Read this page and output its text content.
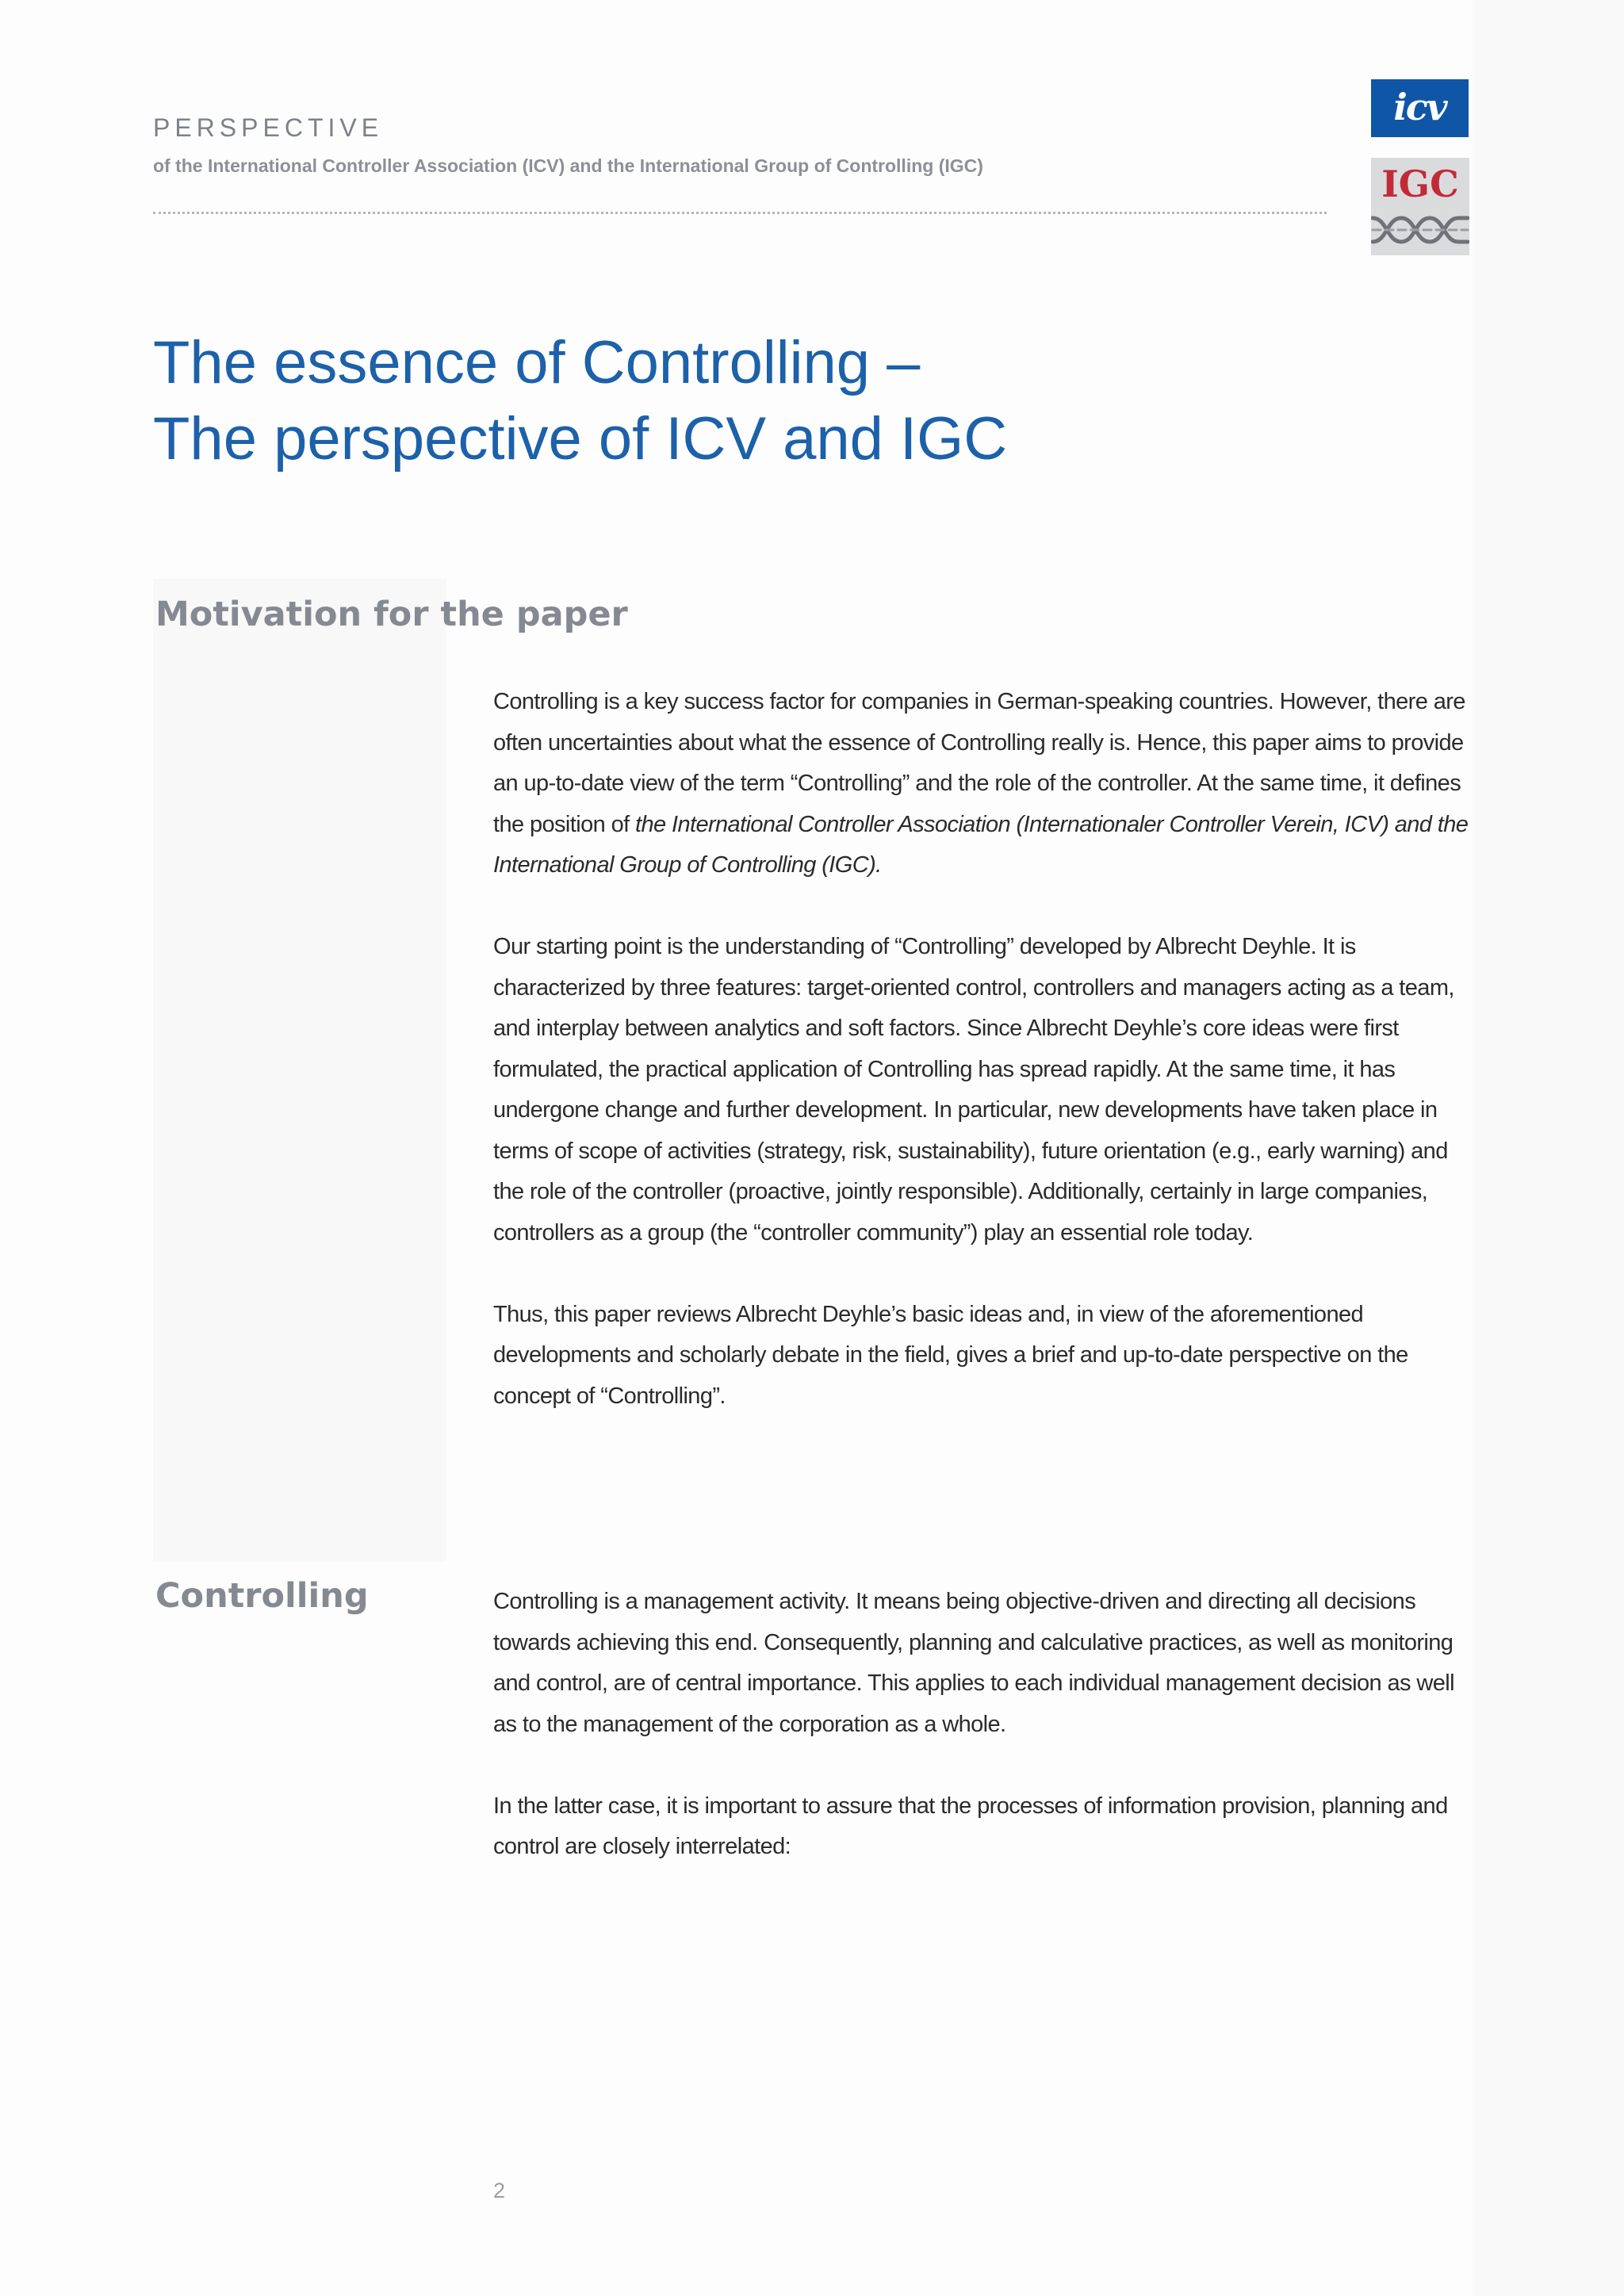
PERSPECTIVE
of the International Controller Association (ICV) and the International Group of Controlling (IGC)
icv
IGC
The essence of Controlling –
The perspective of ICV and IGC
Motivation for the paper

Controlling is a key success factor for companies in German-speaking countries. However, there are often uncertainties about what the essence of Controlling really is. Hence, this paper aims to provide an up-to-date view of the term “Controlling” and the role of the controller. At the same time, it defines the position of the International Controller Association (Internationaler Controller Verein, ICV) and the International Group of Controlling (IGC).

Our starting point is the understanding of “Controlling” developed by Albrecht Deyhle. It is characterized by three features: target-oriented control, controllers and managers acting as a team, and interplay between analytics and soft factors. Since Albrecht Deyhle’s core ideas were first formulated, the practical application of Controlling has spread rapidly. At the same time, it has undergone change and further development. In particular, new developments have taken place in terms of scope of activities (strategy, risk, sustainability), future orientation (e.g., early warning) and the role of the controller (proactive, jointly responsible). Additionally, certainly in large companies, controllers as a group (the “controller community”) play an essential role today.

Thus, this paper reviews Albrecht Deyhle’s basic ideas and, in view of the aforementioned developments and scholarly debate in the field, gives a brief and up-to-date perspective on the concept of “Controlling”.

Controlling	Controlling is a management activity. It means being objective-driven and directing all decisions towards achieving this end. Consequently, planning and calculative practices, as well as monitoring and control, are of central importance. This applies to each individual management decision as well as to the management of the corporation as a whole.

In the latter case, it is important to assure that the processes of information provision, planning and control are closely interrelated:

2
